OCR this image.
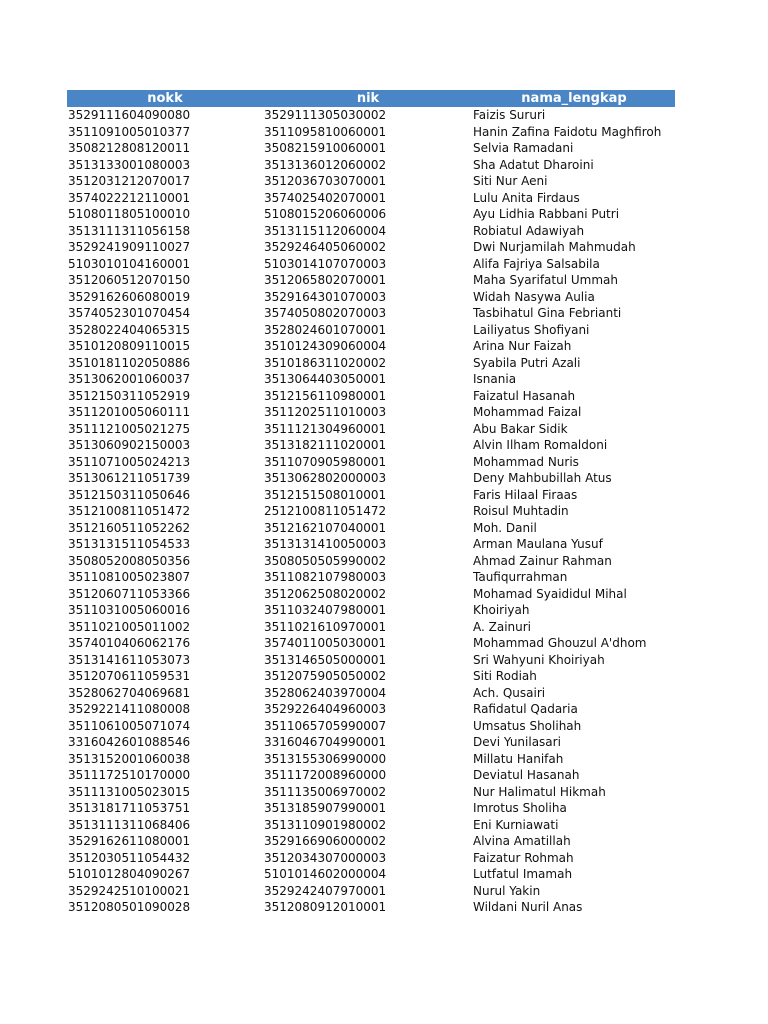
nokk	nik	nama_lengkap
3529111604090080	3529111305030002	Faizis Sururi
3511091005010377	3511095810060001	Hanin Zafina Faidotu Maghfiroh
3508212808120011	3508215910060001	Selvia Ramadani
3513133001080003	3513136012060002	Sha Adatut Dharoini
3512031212070017	3512036703070001	Siti Nur Aeni
3574022212110001	3574025402070001	Lulu Anita Firdaus
5108011805100010	5108015206060006	Ayu Lidhia Rabbani Putri
3513111311056158	3513115112060004	Robiatul Adawiyah
3529241909110027	3529246405060002	Dwi Nurjamilah Mahmudah
5103010104160001	5103014107070003	Alifa Fajriya Salsabila
3512060512070150	3512065802070001	Maha Syarifatul Ummah
3529162606080019	3529164301070003	Widah Nasywa Aulia
3574052301070454	3574050802070003	Tasbihatul Gina Febrianti
3528022404065315	3528024601070001	Lailiyatus Shofiyani
3510120809110015	3510124309060004	Arina Nur Faizah
3510181102050886	3510186311020002	Syabila Putri Azali
3513062001060037	3513064403050001	Isnania
3512150311052919	3512156110980001	Faizatul Hasanah
3511201005060111	3511202511010003	Mohammad Faizal
3511121005021275	3511121304960001	Abu Bakar Sidik
3513060902150003	3513182111020001	Alvin Ilham Romaldoni
3511071005024213	3511070905980001	Mohammad Nuris
3513061211051739	3513062802000003	Deny Mahbubillah Atus
3512150311050646	3512151508010001	Faris Hilaal Firaas
3512100811051472	2512100811051472	Roisul Muhtadin
3512160511052262	3512162107040001	Moh. Danil
3513131511054533	3513131410050003	Arman Maulana Yusuf
3508052008050356	3508050505990002	Ahmad Zainur Rahman
3511081005023807	3511082107980003	Taufiqurrahman
3512060711053366	3512062508020002	Mohamad Syaididul Mihal
3511031005060016	3511032407980001	Khoiriyah
3511021005011002	3511021610970001	A. Zainuri
3574010406062176	3574011005030001	Mohammad Ghouzul A'dhom
3513141611053073	3513146505000001	Sri Wahyuni Khoiriyah
3512070611059531	3512075905050002	Siti Rodiah
3528062704069681	3528062403970004	Ach. Qusairi
3529221411080008	3529226404960003	Rafidatul Qadaria
3511061005071074	3511065705990007	Umsatus Sholihah
3316042601088546	3316046704990001	Devi Yunilasari
3513152001060038	3513155306990000	Millatu Hanifah
3511172510170000	3511172008960000	Deviatul Hasanah
3511131005023015	3511135006970002	Nur Halimatul Hikmah
3513181711053751	3513185907990001	Imrotus Sholiha
3513111311068406	3513110901980002	Eni Kurniawati
3529162611080001	3529166906000002	Alvina Amatillah
3512030511054432	3512034307000003	Faizatur Rohmah
5101012804090267	5101014602000004	Lutfatul Imamah
3529242510100021	3529242407970001	Nurul Yakin
3512080501090028	3512080912010001	Wildani Nuril Anas
